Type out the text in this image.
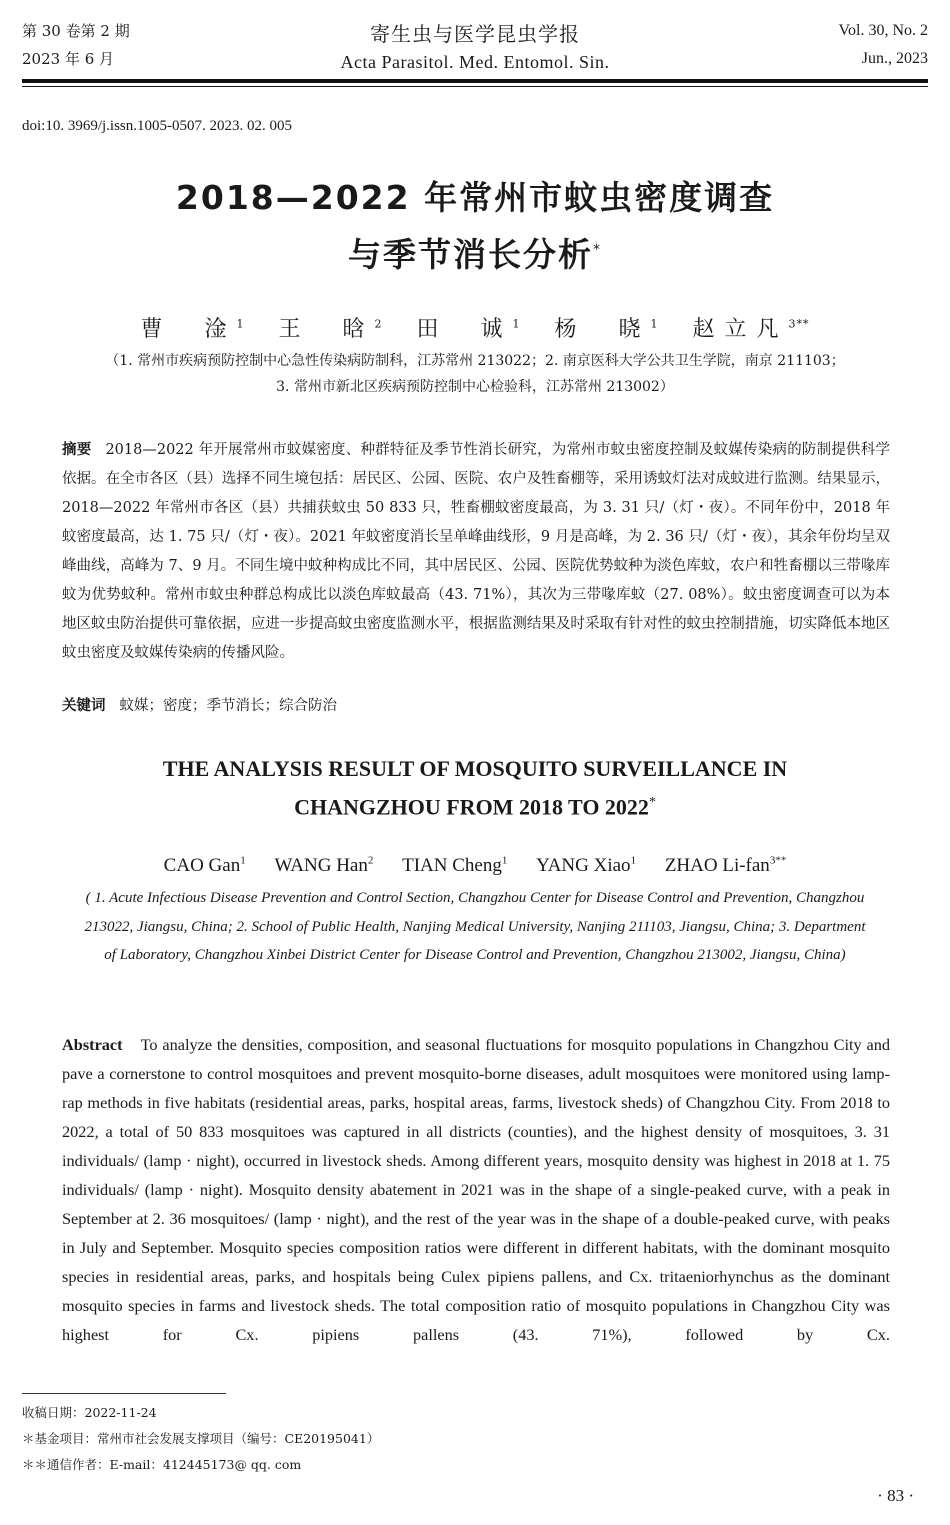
第 30 卷第 2 期
2023 年 6 月
寄生虫与医学昆虫学报
Acta Parasitol. Med. Entomol. Sin.
Vol. 30, No. 2
Jun., 2023
doi:10. 3969/j.issn.1005-0507. 2023. 02. 005
2018—2022 年常州市蚊虫密度调查
与季节消长分析*
曹　淦$^1$ 王　晗$^2$ 田　诚$^1$ 杨　晓$^1$ 赵立凡$^{3**}$
（1. 常州市疾病预防控制中心急性传染病防制科，江苏常州 213022；2. 南京医科大学公共卫生学院，南京 211103；3. 常州市新北区疾病预防控制中心检验科，江苏常州 213002）
摘要 2018—2022 年开展常州市蚊媒密度、种群特征及季节性消长研究，为常州市蚊虫密度控制及蚊媒传染病的防制提供科学依据。在全市各区（县）选择不同生境包括：居民区、公园、医院、农户及牲畜棚等，采用诱蚊灯法对成蚊进行监测。结果显示，2018—2022 年常州市各区（县）共捕获蚊虫 50 833 只，牲畜棚蚊密度最高，为 3. 31 只/（灯・夜）。不同年份中，2018 年蚊密度最高，达 1. 75 只/（灯・夜）。2021 年蚊密度消长呈单峰曲线形，9 月是高峰，为 2. 36 只/（灯・夜），其余年份均呈双峰曲线，高峰为 7、9 月。不同生境中蚊种构成比不同，其中居民区、公园、医院优势蚊种为淡色库蚊，农户和牲畜棚以三带喙库蚊为优势蚊种。常州市蚊虫种群总构成比以淡色库蚊最高（43. 71%），其次为三带喙库蚊（27. 08%）。蚊虫密度调查可以为本地区蚊虫防治提供可靠依据，应进一步提高蚊虫密度监测水平，根据监测结果及时采取有针对性的蚊虫控制措施，切实降低本地区蚊虫密度及蚊媒传染病的传播风险。
关键词 蚊媒；密度；季节消长；综合防治
THE ANALYSIS RESULT OF MOSQUITO SURVEILLANCE IN
CHANGZHOU FROM 2018 TO 2022*
CAO Gan$^1$ WANG Han$^2$ TIAN Cheng$^1$ YANG Xiao$^1$ ZHAO Li-fan$^{3**}$
( 1. Acute Infectious Disease Prevention and Control Section, Changzhou Center for Disease Control and Prevention, Changzhou 213022, Jiangsu, China; 2. School of Public Health, Nanjing Medical University, Nanjing 211103, Jiangsu, China; 3. Department of Laboratory, Changzhou Xinbei District Center for Disease Control and Prevention, Changzhou 213002, Jiangsu, China)
Abstract To analyze the densities, composition, and seasonal fluctuations for mosquito populations in Changzhou City and pave a cornerstone to control mosquitoes and prevent mosquito-borne diseases, adult mosquitoes were monitored using lamp-rap methods in five habitats (residential areas, parks, hospital areas, farms, livestock sheds) of Changzhou City. From 2018 to 2022, a total of 50 833 mosquitoes was captured in all districts (counties), and the highest density of mosquitoes, 3. 31 individuals/ (lamp · night), occurred in livestock sheds. Among different years, mosquito density was highest in 2018 at 1. 75 individuals/ (lamp · night). Mosquito density abatement in 2021 was in the shape of a single-peaked curve, with a peak in September at 2. 36 mosquitoes/ (lamp · night), and the rest of the year was in the shape of a double-peaked curve, with peaks in July and September. Mosquito species composition ratios were different in different habitats, with the dominant mosquito species in residential areas, parks, and hospitals being Culex pipiens pallens, and Cx. tritaeniorhynchus as the dominant mosquito species in farms and livestock sheds. The total composition ratio of mosquito populations in Changzhou City was highest for Cx. pipiens pallens (43. 71%), followed by Cx.
收稿日期：2022-11-24
＊基金项目：常州市社会发展支撑项目（编号：CE20195041）
＊＊通信作者：E-mail：412445173@ qq. com
· 83 ·
